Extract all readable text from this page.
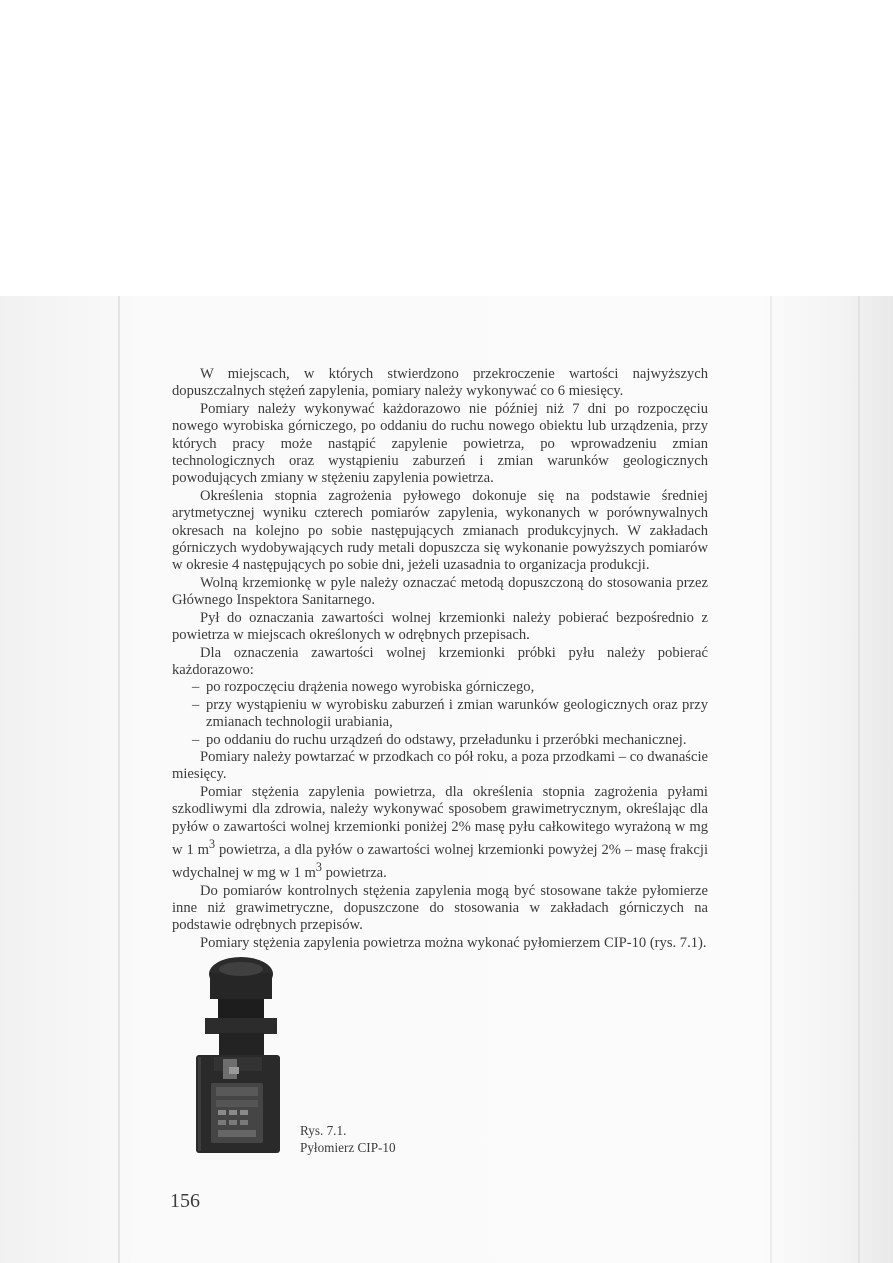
W miejscach, w których stwierdzono przekroczenie wartości najwyższych dopuszczalnych stężeń zapylenia, pomiary należy wykonywać co 6 miesięcy.

Pomiary należy wykonywać każdorazowo nie później niż 7 dni po rozpoczęciu nowego wyrobiska górniczego, po oddaniu do ruchu nowego obiektu lub urządzenia, przy których pracy może nastąpić zapylenie powietrza, po wprowadzeniu zmian technologicznych oraz wystąpieniu zaburzeń i zmian warunków geologicznych powodujących zmiany w stężeniu zapylenia powietrza.

Określenia stopnia zagrożenia pyłowego dokonuje się na podstawie średniej arytmetycznej wyniku czterech pomiarów zapylenia, wykonanych w porównywalnych okresach na kolejno po sobie następujących zmianach produkcyjnych. W zakładach górniczych wydobywających rudy metali dopuszcza się wykonanie powyższych pomiarów w okresie 4 następujących po sobie dni, jeżeli uzasadnia to organizacja produkcji.

Wolną krzemionkę w pyle należy oznaczać metodą dopuszczoną do stosowania przez Głównego Inspektora Sanitarnego.

Pył do oznaczania zawartości wolnej krzemionki należy pobierać bezpośrednio z powietrza w miejscach określonych w odrębnych przepisach.

Dla oznaczenia zawartości wolnej krzemionki próbki pyłu należy pobierać każdorazowo:

– po rozpoczęciu drążenia nowego wyrobiska górniczego,
– przy wystąpieniu w wyrobisku zaburzeń i zmian warunków geologicznych oraz przy zmianach technologii urabiania,
– po oddaniu do ruchu urządzeń do odstawy, przeładunku i przeróbki mechanicznej.

Pomiary należy powtarzać w przodkach co pół roku, a poza przodkami – co dwanaście miesięcy.

Pomiar stężenia zapylenia powietrza, dla określenia stopnia zagrożenia pyłami szkodliwymi dla zdrowia, należy wykonywać sposobem grawimetrycznym, określając dla pyłów o zawartości wolnej krzemionki poniżej 2% masę pyłu całkowitego wyrażoną w mg w 1 $m^3$ powietrza, a dla pyłów o zawartości wolnej krzemionki powyżej 2% – masę frakcji wdychalnej w mg w 1 $m^3$ powietrza.

Do pomiarów kontrolnych stężenia zapylenia mogą być stosowane także pyłomierze inne niż grawimetryczne, dopuszczone do stosowania w zakładach górniczych na podstawie odrębnych przepisów.

Pomiary stężenia zapylenia powietrza można wykonać pyłomierzem CIP-10 (rys. 7.1).

Rys. 7.1.
Pyłomierz CIP-10
156
